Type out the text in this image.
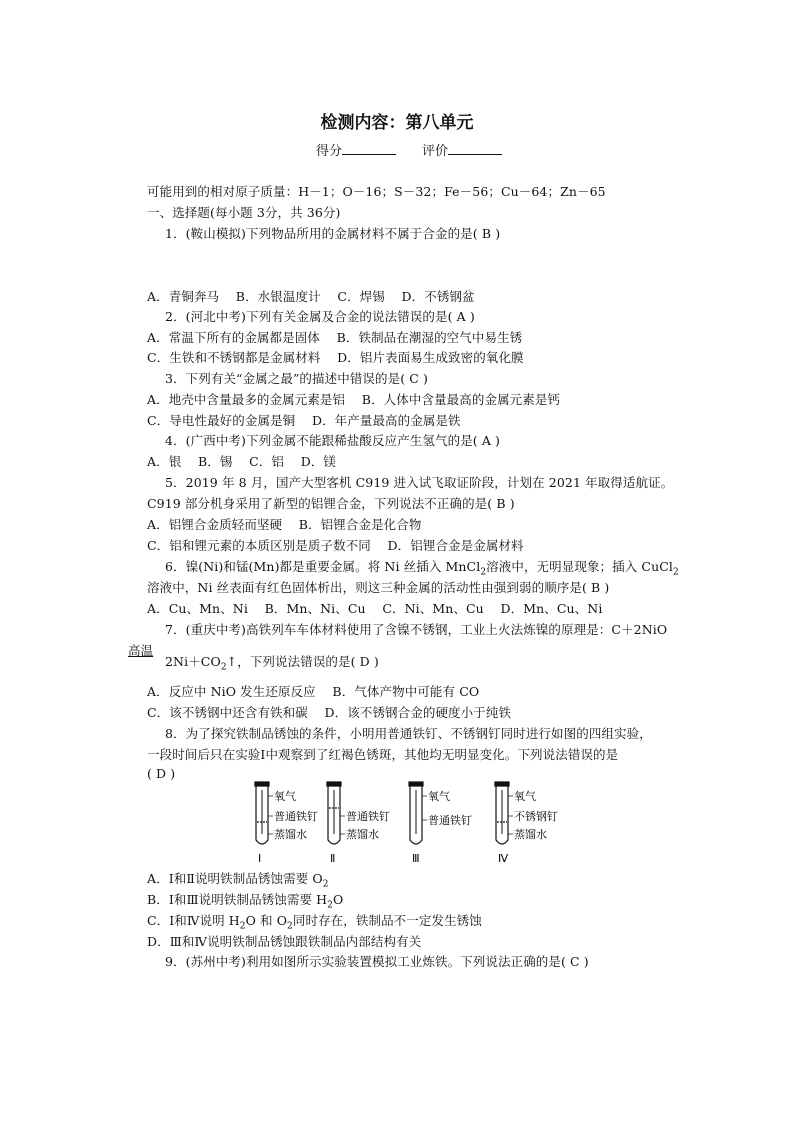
检测内容：第八单元
得分	评价
可能用到的相对原子质量：H－1；O－16；S－32；Fe－56；Cu－64；Zn－65
一、选择题(每小题 3分，共 36分)
1．(鞍山模拟)下列物品所用的金属材料不属于合金的是( B )
A．青铜奔马　 B．水银温度计　 C．焊锡　 D．不锈钢盆
2．(河北中考)下列有关金属及合金的说法错误的是( A )
A．常温下所有的金属都是固体　 B．铁制品在潮湿的空气中易生锈
C．生铁和不锈钢都是金属材料　 D．铝片表面易生成致密的氧化膜
3．下列有关“金属之最”的描述中错误的是( C )
A．地壳中含量最多的金属元素是铝　 B．人体中含量最高的金属元素是钙
C．导电性最好的金属是铜　 D．年产量最高的金属是铁
4．(广西中考)下列金属不能跟稀盐酸反应产生氢气的是( A )
A．银　 B．锡　 C．铝　 D．镁
5．2019 年 8 月，国产大型客机 C919 进入试飞取证阶段，计划在 2021 年取得适航证。
C919 部分机身采用了新型的铝锂合金，下列说法不正确的是( B )
A．铝锂合金质轻而坚硬　 B．铝锂合金是化合物
C．铝和锂元素的本质区别是质子数不同　 D．铝锂合金是金属材料
6．镍(Ni)和锰(Mn)都是重要金属。将 Ni 丝插入 MnCl$_2$溶液中，无明显现象；插入 CuCl$_2$
溶液中，Ni 丝表面有红色固体析出，则这三种金属的活动性由强到弱的顺序是( B )
A．Cu、Mn、Ni　 B．Mn、Ni、Cu　 C．Ni、Mn、Cu　 D．Mn、Cu、Ni
7．(重庆中考)高铁列车车体材料使用了含镍不锈钢，工业上火法炼镍的原理是：C＋2NiO
高温
$2Ni+CO_2↑$，下列说法错误的是( D )
A．反应中 NiO 发生还原反应　 B．气体产物中可能有 CO
C．该不锈钢中还含有铁和碳　 D．该不锈钢合金的硬度小于纯铁
8．为了探究铁制品锈蚀的条件，小明用普通铁钉、不锈钢钉同时进行如图的四组实验，
一段时间后只在实验Ⅰ中观察到了红褐色锈斑，其他均无明显变化。下列说法错误的是
( D )
氧气
普通铁钉
蒸馏水
普通铁钉
蒸馏水
氧气
普通铁钉
氧气
不锈钢钉
蒸馏水
Ⅰ	Ⅱ	Ⅲ	Ⅳ
A．Ⅰ和Ⅱ说明铁制品锈蚀需要 $O_2$
B．Ⅰ和Ⅲ说明铁制品锈蚀需要 $H_2O$
C．Ⅰ和Ⅳ说明 $H_2O$ 和 $O_2$同时存在，铁制品不一定发生锈蚀
D．Ⅲ和Ⅳ说明铁制品锈蚀跟铁制品内部结构有关
9．(苏州中考)利用如图所示实验装置模拟工业炼铁。下列说法正确的是( C )
